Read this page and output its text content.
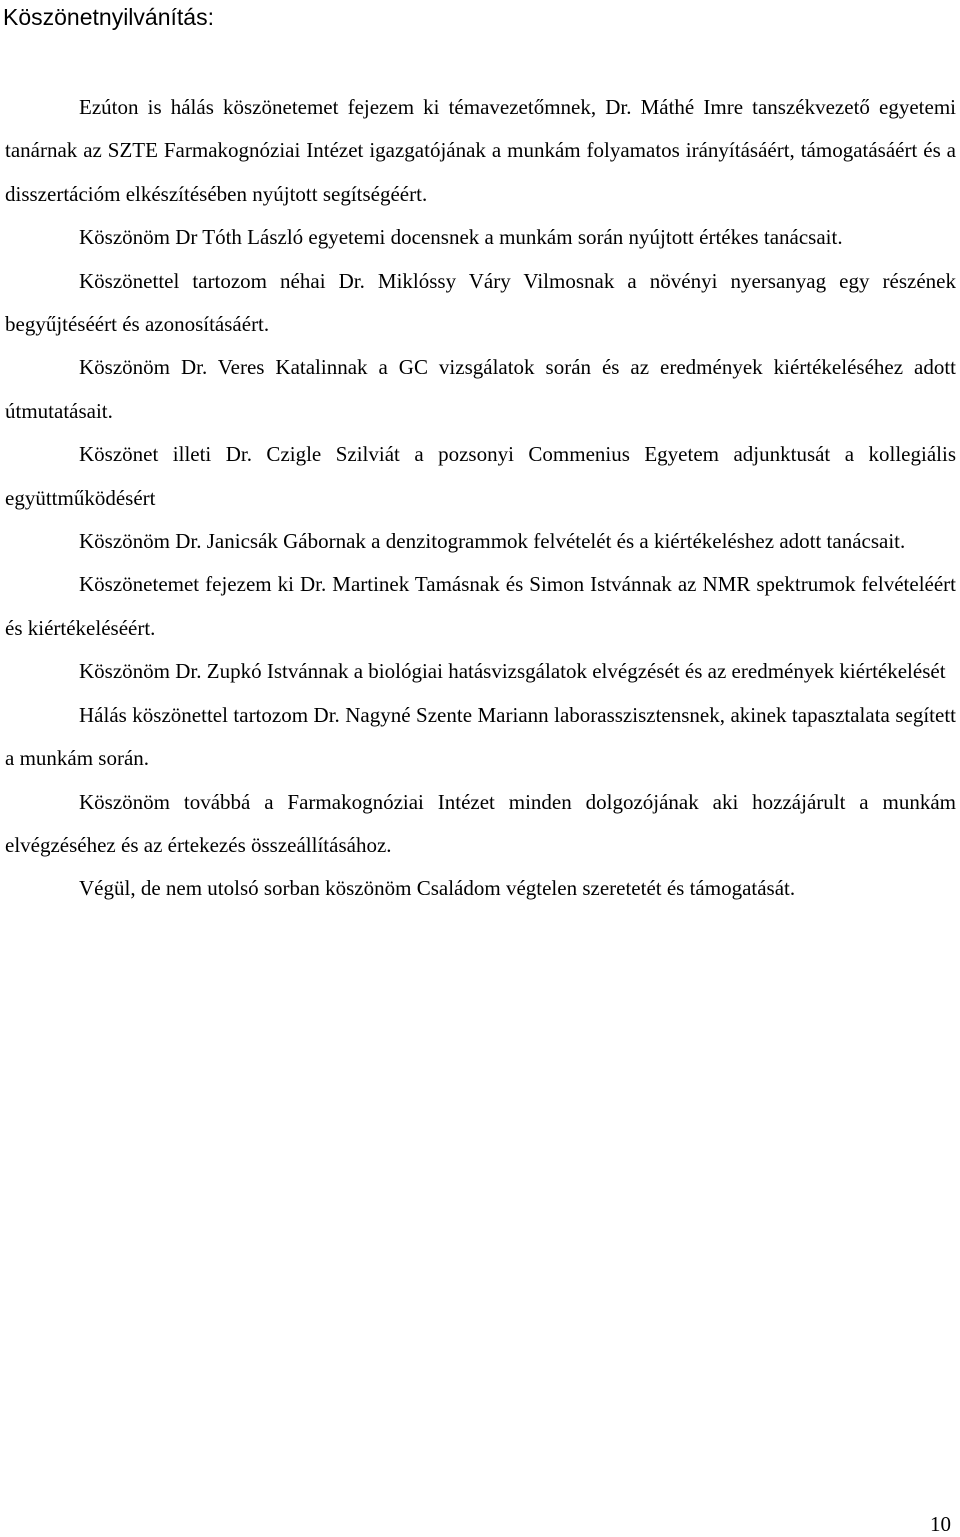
Köszönetnyilvánítás:

Ezúton is hálás köszönetemet fejezem ki témavezetőmnek, Dr. Máthé Imre tanszékvezető egyetemi tanárnak az SZTE Farmakognóziai Intézet igazgatójának a munkám folyamatos irányításáért, támogatásáért és a disszertációm elkészítésében nyújtott segítségéért.

Köszönöm Dr Tóth László egyetemi docensnek a munkám során nyújtott értékes tanácsait.

Köszönettel tartozom néhai Dr. Miklóssy Váry Vilmosnak a növényi nyersanyag egy részének begyűjtéséért és azonosításáért.

Köszönöm Dr. Veres Katalinnak a GC vizsgálatok során és az eredmények kiértékeléséhez adott útmutatásait.

Köszönet illeti Dr. Czigle Szilviát a pozsonyi Commenius Egyetem adjunktusát a kollegiális együttműködésért

Köszönöm Dr. Janicsák Gábornak a denzitogrammok felvételét és a kiértékeléshez adott tanácsait.

Köszönetemet fejezem ki Dr. Martinek Tamásnak és Simon Istvánnak az NMR spektrumok felvételéért és kiértékeléséért.

Köszönöm Dr. Zupkó Istvánnak a biológiai hatásvizsgálatok elvégzését és az eredmények kiértékelését

Hálás köszönettel tartozom Dr. Nagyné Szente Mariann laborasszisztensnek, akinek tapasztalata segített a munkám során.

Köszönöm továbbá a Farmakognóziai Intézet minden dolgozójának aki hozzájárult a munkám elvégzéséhez és az értekezés összeállításához.

Végül, de nem utolsó sorban köszönöm Családom végtelen szeretetét és támogatását.

10
